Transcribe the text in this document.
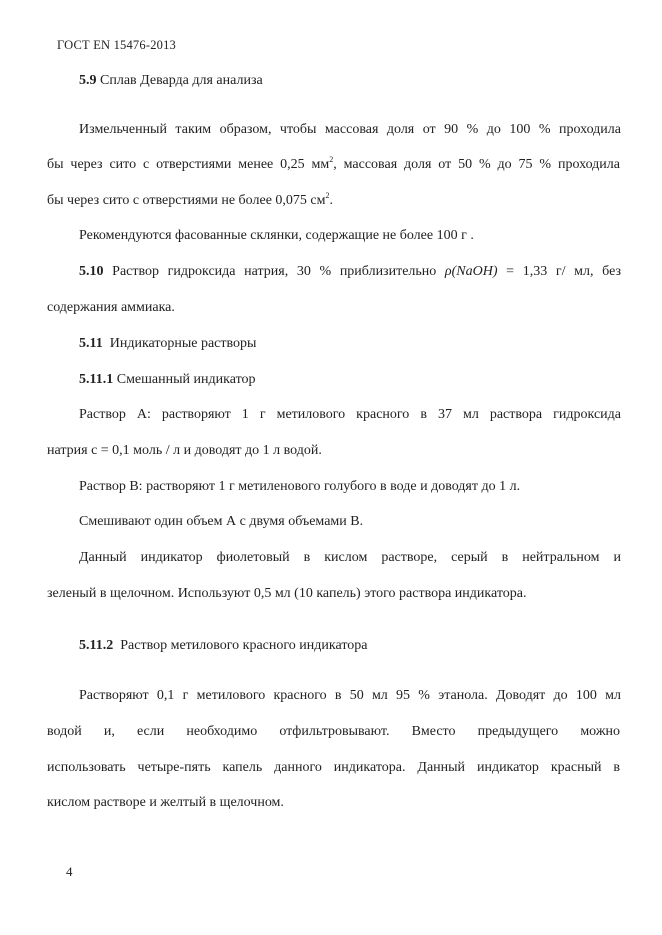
ГОСТ EN 15476-2013
5.9 Сплав Деварда для анализа
Измельченный таким образом, чтобы массовая доля от 90 % до 100 % проходила
бы через сито с отверстиями менее 0,25 $мм^2$, массовая доля от 50 % до 75 % проходила
бы через сито с отверстиями не более 0,075 $см^2$.
Рекомендуются фасованные склянки, содержащие не более 100 г .
5.10 Раствор гидроксида натрия, 30 % приблизительно ρ(NaOH) = 1,33 г/ мл, без
содержания аммиака.
5.11 Индикаторные растворы
5.11.1 Смешанный индикатор
Раствор А: растворяют 1 г метилового красного в 37 мл раствора гидроксида
натрия с = 0,1 моль / л и доводят до 1 л водой.
Раствор В: растворяют 1 г метиленового голубого в воде и доводят до 1 л.
Смешивают один объем А с двумя объемами В.
Данный индикатор фиолетовый в кислом растворе, серый в нейтральном и
зеленый в щелочном. Используют 0,5 мл (10 капель) этого раствора индикатора.
5.11.2 Раствор метилового красного индикатора
Растворяют 0,1 г метилового красного в 50 мл 95 % этанола. Доводят до 100 мл
водой и, если необходимо отфильтровывают. Вместо предыдущего можно
использовать четыре-пять капель данного индикатора. Данный индикатор красный в
кислом растворе и желтый в щелочном.
4
